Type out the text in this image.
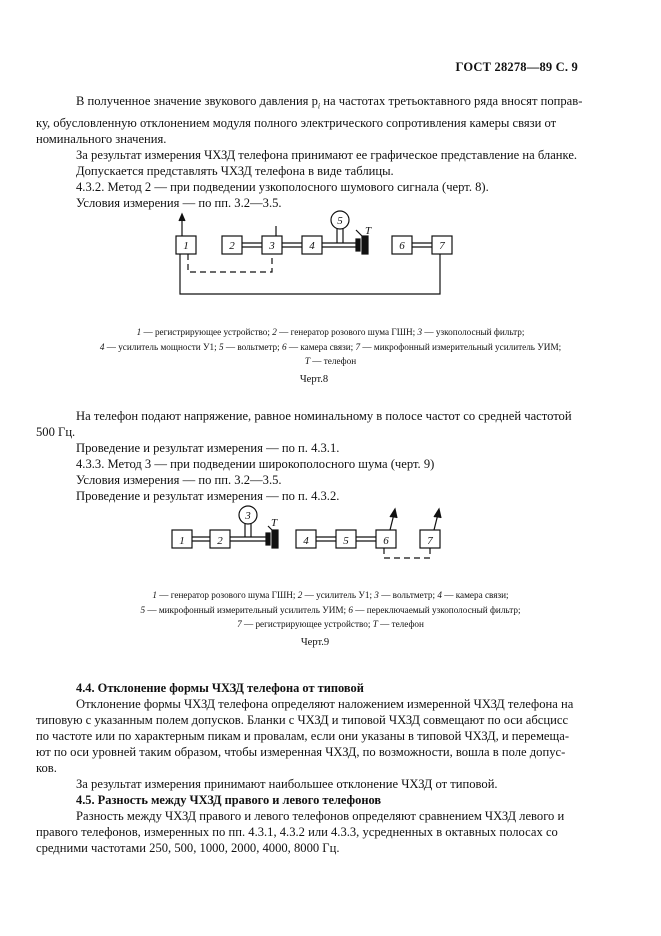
ГОСТ 28278—89 С. 9

В полученное значение звукового давления $p_i$ на частотах третьоктавного ряда вносят поправ-

ку, обусловленную отклонением модуля полного электрического сопротивления камеры связи от

номинального значения.

За результат измерения ЧХЗД телефона принимают ее графическое представление на бланке.

Допускается представлять ЧХЗД телефона в виде таблицы.

4.3.2. Метод 2 — при подведении узкополосного шумового сигнала (черт. 8).

Условия измерения — по пп. 3.2—3.5.

1	2	3	4
5
6	7
T
1 — регистрирующее устройство; 2 — генератор розового шума ГШН; 3 — узкополосный фильтр;
4 — усилитель мощности У1; 5 — вольтметр; 6 — камера связи; 7 — микрофонный измерительный усилитель УИМ;
T — телефон
Черт.8

На телефон подают напряжение, равное номинальному в полосе частот со средней частотой

500 Гц.

Проведение и результат измерения — по п. 4.3.1.

4.3.3. Метод 3 — при подведении широкополосного шума (черт. 9)

Условия измерения — по пп. 3.2—3.5.

Проведение и результат измерения — по п. 4.3.2.

1	2
3
4	5	6	7
T
1 — генератор розового шума ГШН; 2 — усилитель У1; 3 — вольтметр; 4 — камера связи;
5 — микрофонный измерительный усилитель УИМ; 6 — переключаемый узкополосный фильтр;
7 — регистрирующее устройство; T — телефон
Черт.9

4.4. Отклонение формы ЧХЗД телефона от типовой

Отклонение формы ЧХЗД телефона определяют наложением измеренной ЧХЗД телефона на

типовую с указанным полем допусков. Бланки с ЧХЗД и типовой ЧХЗД совмещают по оси абсцисс

по частоте или по характерным пикам и провалам, если они указаны в типовой ЧХЗД, и перемеща-

ют по оси уровней таким образом, чтобы измеренная ЧХЗД, по возможности, вошла в поле допус-

ков.

За результат измерения принимают наибольшее отклонение ЧХЗД от типовой.

4.5. Разность между ЧХЗД правого и левого телефонов

Разность между ЧХЗД правого и левого телефонов определяют сравнением ЧХЗД левого и

правого телефонов, измеренных по пп. 4.3.1, 4.3.2 или 4.3.3, усредненных в октавных полосах со

средними частотами 250, 500, 1000, 2000, 4000, 8000 Гц.
